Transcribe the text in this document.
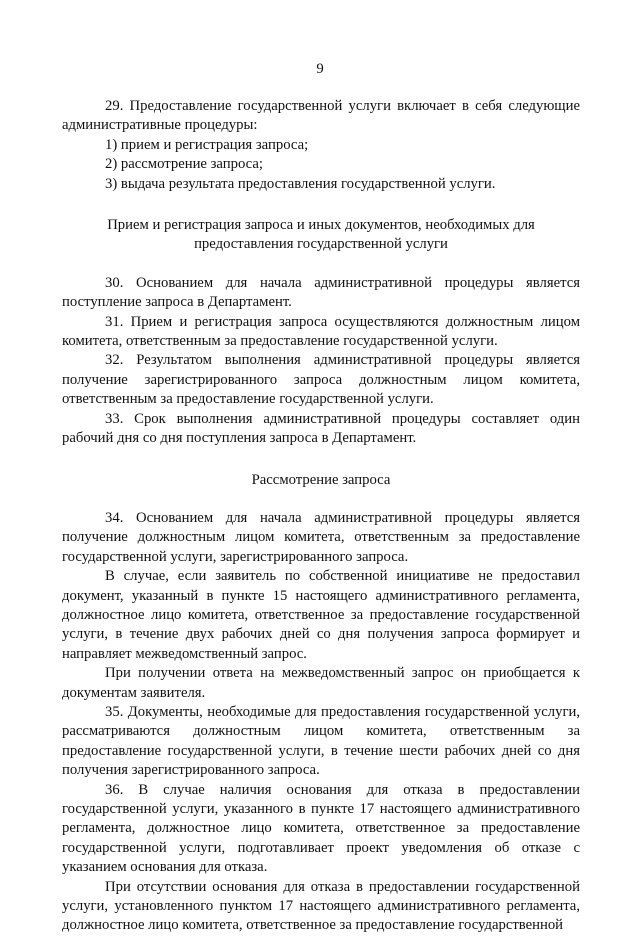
9

29. Предоставление государственной услуги включает в себя следующие административные процедуры:

1) прием и регистрация запроса;

2) рассмотрение запроса;

3) выдача результата предоставления государственной услуги.

Прием и регистрация запроса и иных документов, необходимых для предоставления государственной услуги

30. Основанием для начала административной процедуры является поступление запроса в Департамент.

31. Прием и регистрация запроса осуществляются должностным лицом комитета, ответственным за предоставление государственной услуги.

32. Результатом выполнения административной процедуры является получение зарегистрированного запроса должностным лицом комитета, ответственным за предоставление государственной услуги.

33. Срок выполнения административной процедуры составляет один рабочий дня со дня поступления запроса в Департамент.

Рассмотрение запроса

34. Основанием для начала административной процедуры является получение должностным лицом комитета, ответственным за предоставление государственной услуги, зарегистрированного запроса.

В случае, если заявитель по собственной инициативе не предоставил документ, указанный в пункте 15 настоящего административного регламента, должностное лицо комитета, ответственное за предоставление государственной услуги, в течение двух рабочих дней со дня получения запроса формирует и направляет межведомственный запрос.

При получении ответа на межведомственный запрос он приобщается к документам заявителя.

35. Документы, необходимые для предоставления государственной услуги, рассматриваются должностным лицом комитета, ответственным за предоставление государственной услуги, в течение шести рабочих дней со дня получения зарегистрированного запроса.

36. В случае наличия основания для отказа в предоставлении государственной услуги, указанного в пункте 17 настоящего административного регламента, должностное лицо комитета, ответственное за предоставление государственной услуги, подготавливает проект уведомления об отказе с указанием основания для отказа.

При отсутствии основания для отказа в предоставлении государственной услуги, установленного пунктом 17 настоящего административного регламента, должностное лицо комитета, ответственное за предоставление государственной
